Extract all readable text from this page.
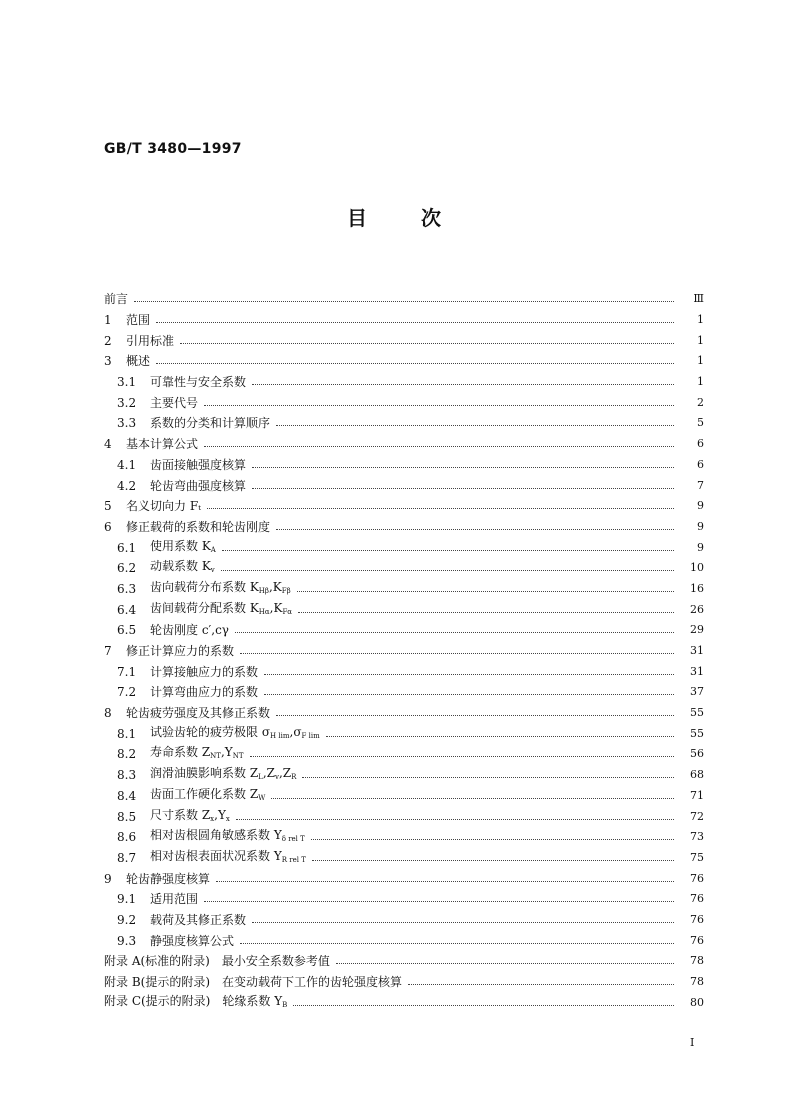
GB/T 3480—1997
目次
前言	Ⅲ
1	范围	1
2	引用标准	1
3	概述	1
3.1	可靠性与安全系数	1
3.2	主要代号	2
3.3	系数的分类和计算顺序	5
4	基本计算公式	6
4.1	齿面接触强度核算	6
4.2	轮齿弯曲强度核算	7
5	名义切向力 Fₜ	9
6	修正载荷的系数和轮齿刚度	9
6.1	使用系数 $K_A$	9
6.2	动载系数 $K_v$	10
6.3	齿向载荷分布系数 $K_{H\beta},K_{F\beta}$	16
6.4	齿间载荷分配系数 $K_{H\alpha},K_{F\alpha}$	26
6.5	轮齿刚度 c′,cγ	29
7	修正计算应力的系数	31
7.1	计算接触应力的系数	31
7.2	计算弯曲应力的系数	37
8	轮齿疲劳强度及其修正系数	55
8.1	试验齿轮的疲劳极限 $\sigma_{H lim},\sigma_{F lim}$	55
8.2	寿命系数 $Z_{NT},Y_{NT}$	56
8.3	润滑油膜影响系数 $Z_L,Z_v,Z_R$	68
8.4	齿面工作硬化系数 $Z_W$	71
8.5	尺寸系数 $Z_x,Y_x$	72
8.6	相对齿根圆角敏感系数 $Y_{\delta rel T}$	73
8.7	相对齿根表面状况系数 $Y_{R rel T}$	75
9	轮齿静强度核算	76
9.1	适用范围	76
9.2	载荷及其修正系数	76
9.3	静强度核算公式	76
附录 A(标准的附录)　最小安全系数参考值	78
附录 B(提示的附录)　在变动载荷下工作的齿轮强度核算	78
附录 C(提示的附录)　轮缘系数 $Y_B$	80
I
